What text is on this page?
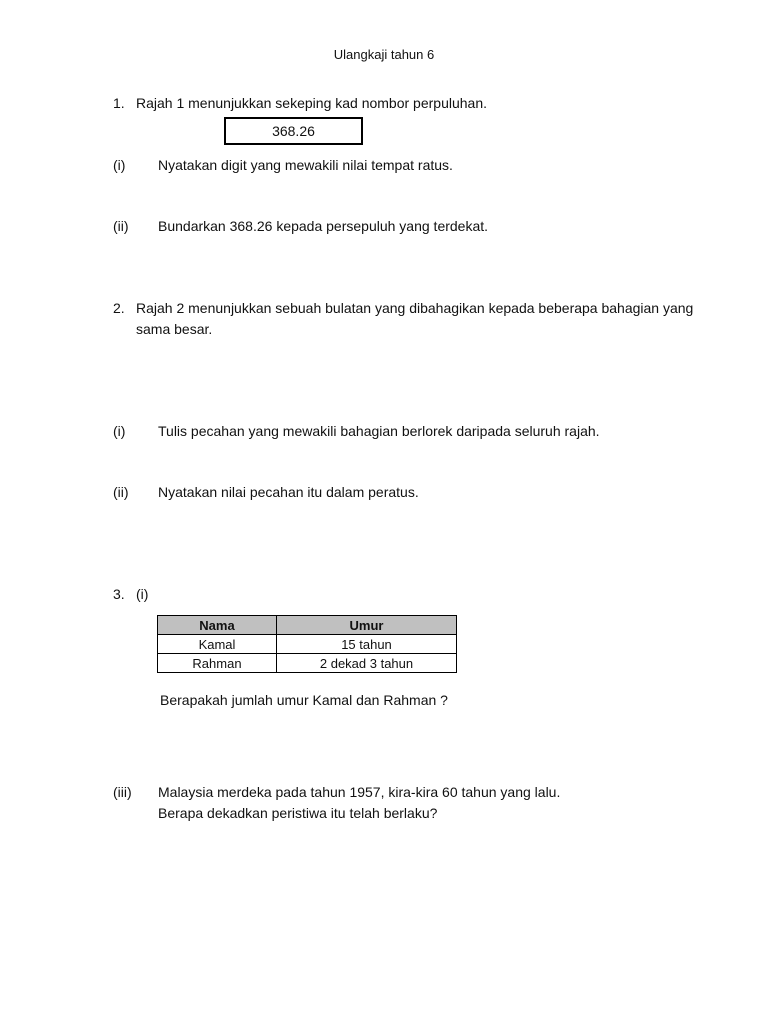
Ulangkaji tahun 6
1. Rajah 1 menunjukkan sekeping kad nombor perpuluhan.
368.26
(i) Nyatakan digit yang mewakili nilai tempat ratus.
(ii) Bundarkan 368.26 kepada persepuluh yang terdekat.
2. Rajah 2 menunjukkan sebuah bulatan yang dibahagikan kepada beberapa bahagian yang
sama besar.
(i) Tulis pecahan yang mewakili bahagian berlorek daripada seluruh rajah.
(ii) Nyatakan nilai pecahan itu dalam peratus.
3. (i)
Nama	Umur
Kamal	15 tahun
Rahman	2 dekad 3 tahun
Berapakah jumlah umur Kamal dan Rahman ?
(iii) Malaysia merdeka pada tahun 1957, kira-kira 60 tahun yang lalu.
Berapa dekadkan peristiwa itu telah berlaku?
